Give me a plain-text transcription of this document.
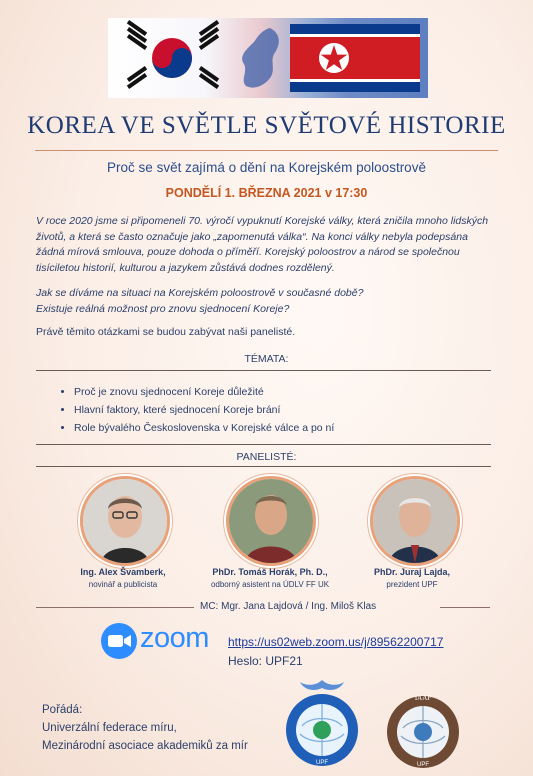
KOREA VE SVĚTLE SVĚTOVÉ HISTORIE
Proč se svět zajímá o dění na Korejském poloostrově
PONDĚLÍ 1. BŘEZNA 2021 v 17:30
V roce 2020 jsme si připomeneli 70. výročí vypuknutí Korejské války, která zničila mnoho lidských životů, a která se často označuje jako „zapomenutá válka“. Na konci války nebyla podepsána žádná mírová smlouva, pouze dohoda o příměří. Korejský poloostrov a národ se společnou tisíciletou historií, kulturou a jazykem zůstává dodnes rozdělený.
Jak se díváme na situaci na Korejském poloostrově v současné době?
Existuje reálná možnost pro znovu sjednocení Koreje?
Právě těmito otázkami se budou zabývat naši panelisté.
TÉMATA:
• Proč je znovu sjednocení Koreje důležité
• Hlavní faktory, které sjednocení Koreje brání
• Role bývalého Československa v Korejské válce a po ní
PANELISTÉ:
Ing. Alex Švamberk,
novinář a publicista
PhDr. Tomáš Horák, Ph. D.,
odborný asistent na ÚDLV FF UK
PhDr. Juraj Lajda,
prezident UPF
MC: Mgr. Jana Lajdová / Ing. Miloš Klas
zoom https://us02web.zoom.us/j/89562200717
Heslo: UPF21
Pořádá:
Univerzální federace míru,
Mezinárodní asociace akademiků za mír
UPF
IAAP
UPF
